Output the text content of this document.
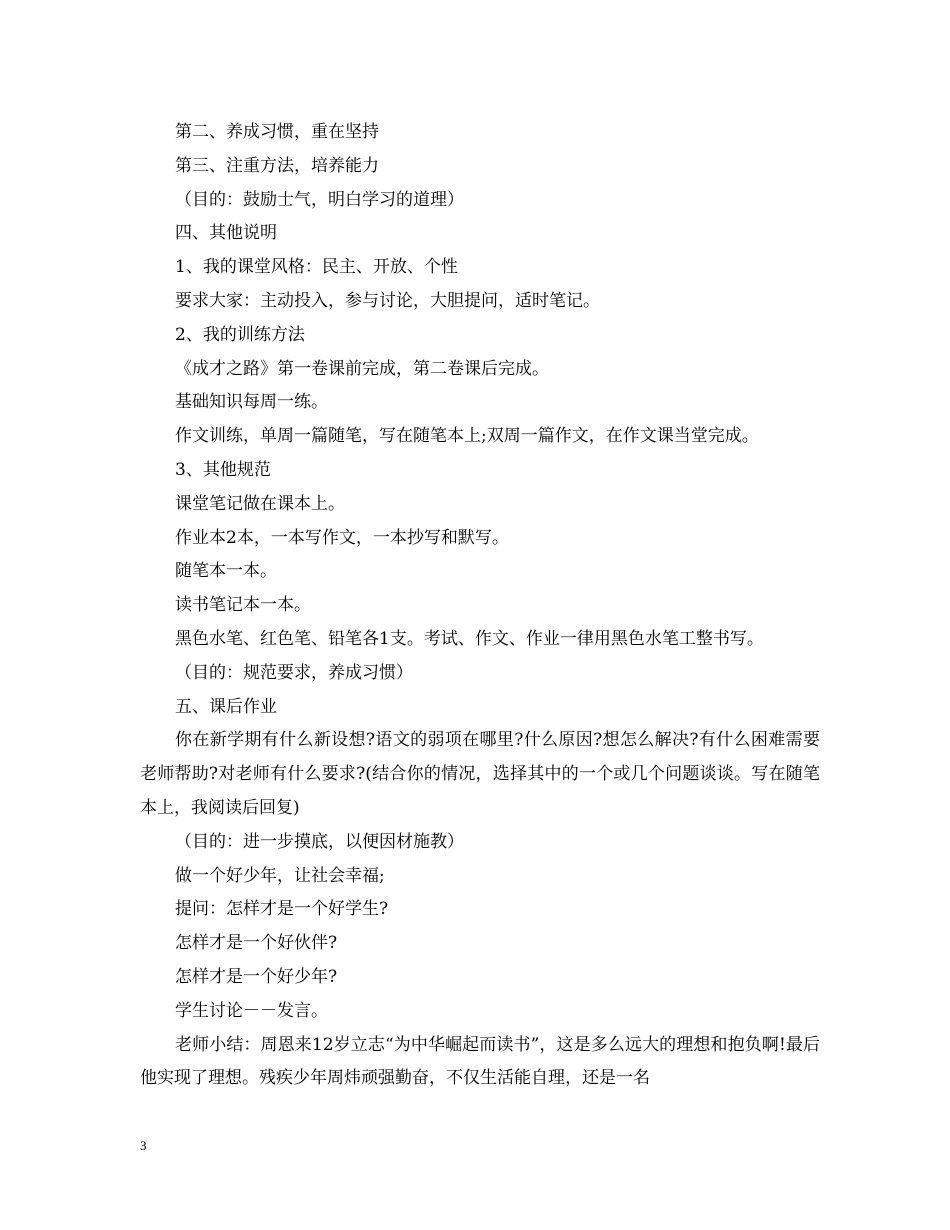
第二、养成习惯，重在坚持
第三、注重方法，培养能力
（目的：鼓励士气，明白学习的道理）
四、其他说明
1、我的课堂风格：民主、开放、个性
要求大家：主动投入，参与讨论，大胆提问，适时笔记。
2、我的训练方法
《成才之路》第一卷课前完成，第二卷课后完成。
基础知识每周一练。
作文训练，单周一篇随笔，写在随笔本上;双周一篇作文，在作文课当堂完成。
3、其他规范
课堂笔记做在课本上。
作业本2本，一本写作文，一本抄写和默写。
随笔本一本。
读书笔记本一本。
黑色水笔、红色笔、铅笔各1支。考试、作文、作业一律用黑色水笔工整书写。
（目的：规范要求，养成习惯）
五、课后作业
你在新学期有什么新设想?语文的弱项在哪里?什么原因?想怎么解决?有什么困难需要老师帮助?对老师有什么要求?(结合你的情况，选择其中的一个或几个问题谈谈。写在随笔本上，我阅读后回复)
（目的：进一步摸底，以便因材施教）
做一个好少年，让社会幸福;
提问：怎样才是一个好学生?
怎样才是一个好伙伴?
怎样才是一个好少年?
学生讨论－－发言。
老师小结：周恩来12岁立志“为中华崛起而读书”，这是多么远大的理想和抱负啊!最后他实现了理想。残疾少年周炜顽强勤奋，不仅生活能自理，还是一名
3
